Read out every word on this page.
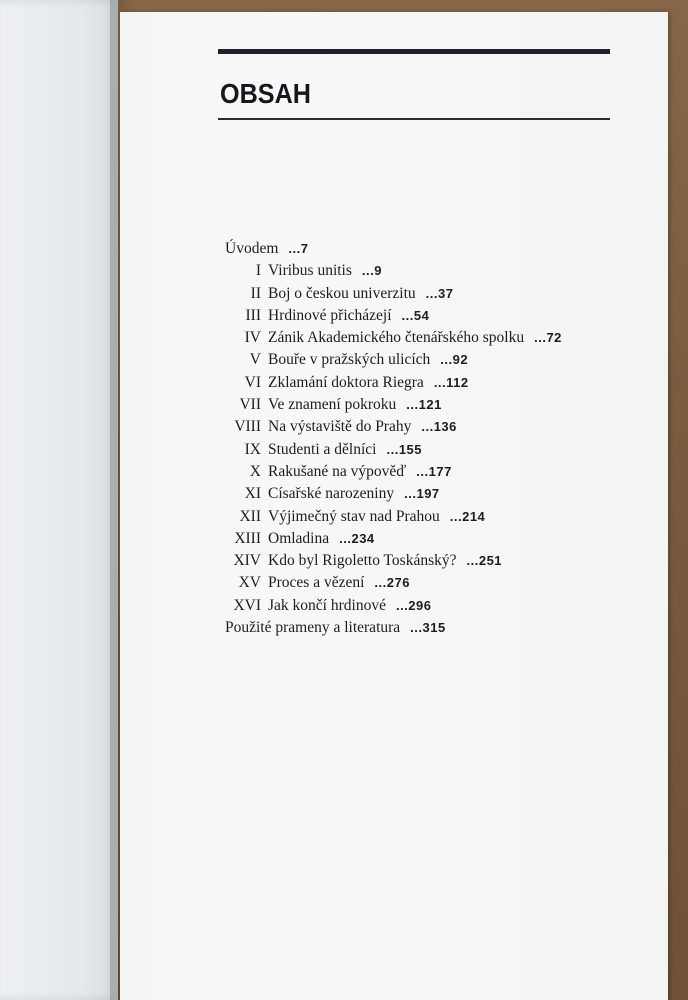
OBSAH
Úvodem ...7
I Viribus unitis ...9
II Boj o českou univerzitu ...37
III Hrdinové přicházejí ...54
IV Zánik Akademického čtenářského spolku ...72
V Bouře v pražských ulicích ...92
VI Zklamání doktora Riegra ...112
VII Ve znamení pokroku ...121
VIII Na výstaviště do Prahy ...136
IX Studenti a dělníci ...155
X Rakušané na výpověď ...177
XI Císařské narozeniny ...197
XII Výjimečný stav nad Prahou ...214
XIII Omladina ...234
XIV Kdo byl Rigoletto Toskánský? ...251
XV Proces a vězení ...276
XVI Jak končí hrdinové ...296
Použité prameny a literatura ...315
